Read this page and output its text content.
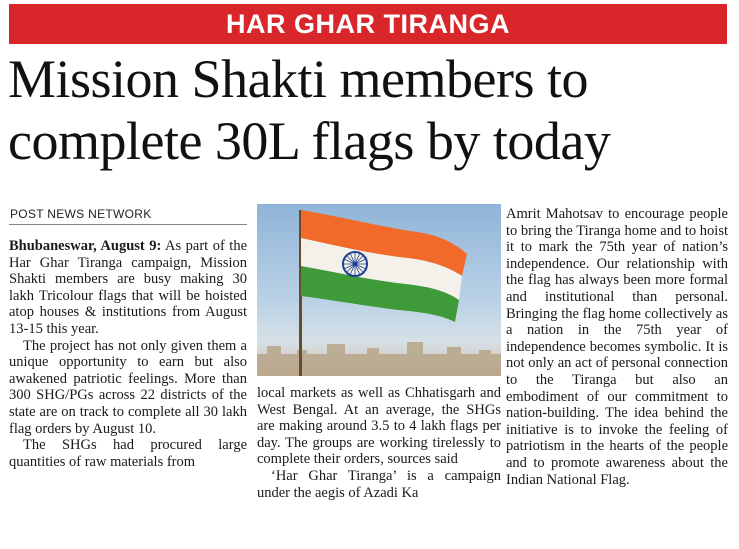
HAR GHAR TIRANGA
Mission Shakti members to
complete 30L flags by today
POST NEWS NETWORK

Bhubaneswar, August 9: As part of the Har Ghar Tiranga campaign, Mission Shakti members are busy making 30 lakh Tricolour flags that will be hoisted atop houses & institutions from August 13-15 this year.

The project has not only given them a unique opportunity to earn but also awakened patriotic feelings. More than 300 SHG/PGs across 22 districts of the state are on track to complete all 30 lakh flag orders by August 10.

The SHGs had procured large quantities of raw materials from

local markets as well as Chhatisgarh and West Bengal. At an average, the SHGs are making around 3.5 to 4 lakh flags per day. The groups are working tirelessly to complete their orders, sources said

‘Har Ghar Tiranga’ is a campaign under the aegis of Azadi Ka

Amrit Mahotsav to encourage people to bring the Tiranga home and to hoist it to mark the 75th year of nation’s independence. Our relationship with the flag has always been more formal and institutional than personal. Bringing the flag home collectively as a nation in the 75th year of independence becomes symbolic. It is not only an act of personal connection to the Tiranga but also an embodiment of our commitment to nation-building. The idea behind the initiative is to invoke the feeling of patriotism in the hearts of the people and to promote awareness about the Indian National Flag.
